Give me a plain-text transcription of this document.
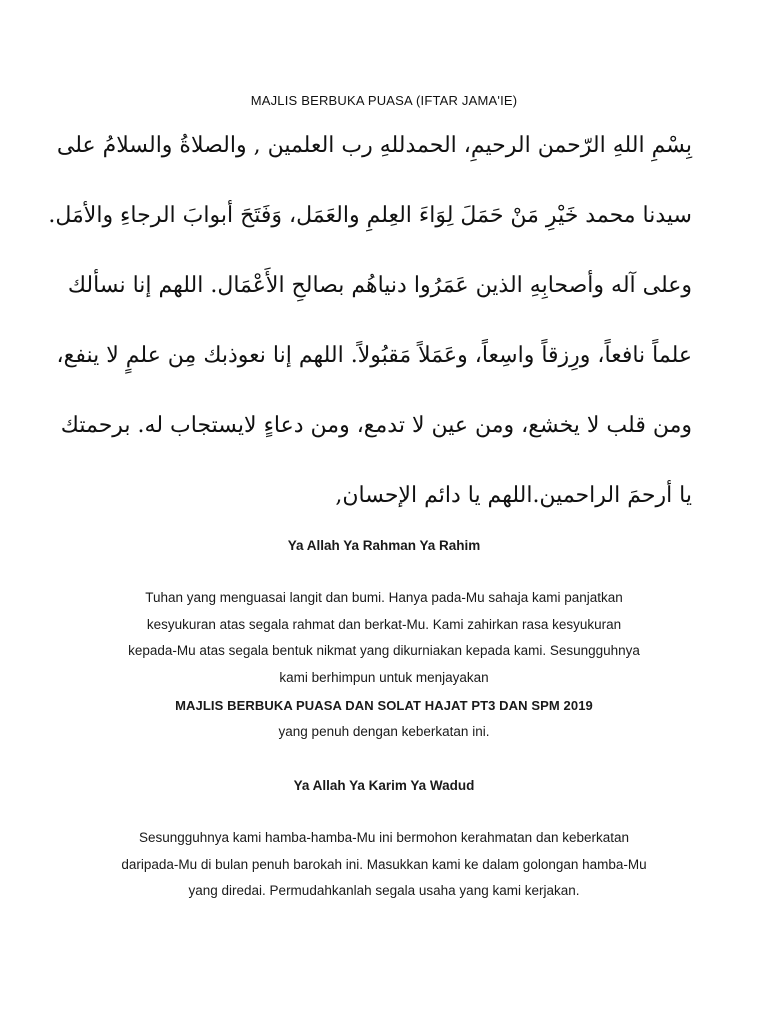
MAJLIS BERBUKA PUASA (IFTAR JAMA'IE)
بِسْمِ اللهِ الرّحمن الرحيمِ، الحمدللهِ رب العلمين , والصلاةُ والسلامُ على
سيدنا محمد خَيْرِ مَنْ حَمَلَ لِوَاءَ العِلمِ والعَمَل، وَفَتَحَ أبوابَ الرجاءِ والأمَل.
وعلى آله وأصحابِهِ الذين عَمَرُوا دنياهُم بصالحِ الأَعْمَال. اللهم إنا نسألك
علماً نافعاً، ورِزقاً واسِعاً، وعَمَلاً مَقبُولاً. اللهم إنا نعوذبك مِن علمٍ لا ينفع،
ومن قلب لا يخشع، ومن عين لا تدمع، ومن دعاءٍ لايستجاب له. برحمتك
يا أرحمَ الراحمين.اللهم يا دائم الإحسان,
Ya Allah Ya Rahman Ya Rahim
Tuhan yang menguasai langit dan bumi. Hanya pada-Mu sahaja kami panjatkan
kesyukuran atas segala rahmat dan berkat-Mu. Kami zahirkan rasa kesyukuran
kepada-Mu atas segala bentuk nikmat yang dikurniakan kepada kami. Sesungguhnya
kami berhimpun untuk menjayakan
MAJLIS BERBUKA PUASA DAN SOLAT HAJAT PT3 DAN SPM 2019
yang penuh dengan keberkatan ini.
Ya Allah Ya Karim Ya Wadud
Sesungguhnya kami hamba-hamba-Mu ini bermohon kerahmatan dan keberkatan
daripada-Mu di bulan penuh barokah ini. Masukkan kami ke dalam golongan hamba-Mu
yang diredai. Permudahkanlah segala usaha yang kami kerjakan.
